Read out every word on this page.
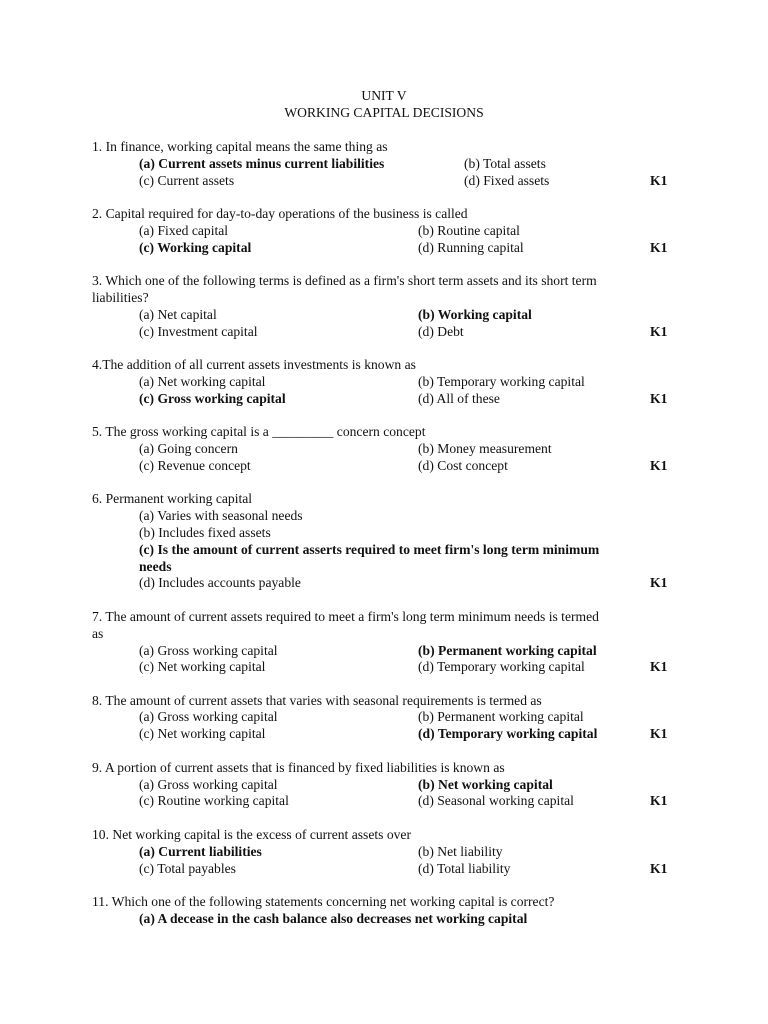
UNIT V
WORKING CAPITAL DECISIONS
1. In finance, working capital means the same thing as
(a) Current assets minus current liabilities	(b) Total assets
(c) Current assets	(d) Fixed assets	K1
2. Capital required for day-to-day operations of the business is called
(a) Fixed capital	(b) Routine capital
(c) Working capital	(d) Running capital	K1
3. Which one of the following terms is defined as a firm's short term assets and its short term
liabilities?
(a) Net capital	(b) Working capital
(c) Investment capital	(d) Debt	K1
4.The addition of all current assets investments is known as
(a) Net working capital	(b) Temporary working capital
(c) Gross working capital	(d) All of these	K1
5. The gross working capital is a _________ concern concept
(a) Going concern	(b) Money measurement
(c) Revenue concept	(d) Cost concept	K1
6. Permanent working capital
(a) Varies with seasonal needs
(b) Includes fixed assets
(c) Is the amount of current asserts required to meet firm's long term minimum
needs
(d) Includes accounts payable	K1
7. The amount of current assets required to meet a firm's long term minimum needs is termed
as
(a) Gross working capital	(b) Permanent working capital
(c) Net working capital	(d) Temporary working capital	K1
8. The amount of current assets that varies with seasonal requirements is termed as
(a) Gross working capital	(b) Permanent working capital
(c) Net working capital	(d) Temporary working capital	K1
9. A portion of current assets that is financed by fixed liabilities is known as
(a) Gross working capital	(b) Net working capital
(c) Routine working capital	(d) Seasonal working capital	K1
10. Net working capital is the excess of current assets over
(a) Current liabilities	(b) Net liability
(c) Total payables	(d) Total liability	K1
11. Which one of the following statements concerning net working capital is correct?
(a) A decease in the cash balance also decreases net working capital
